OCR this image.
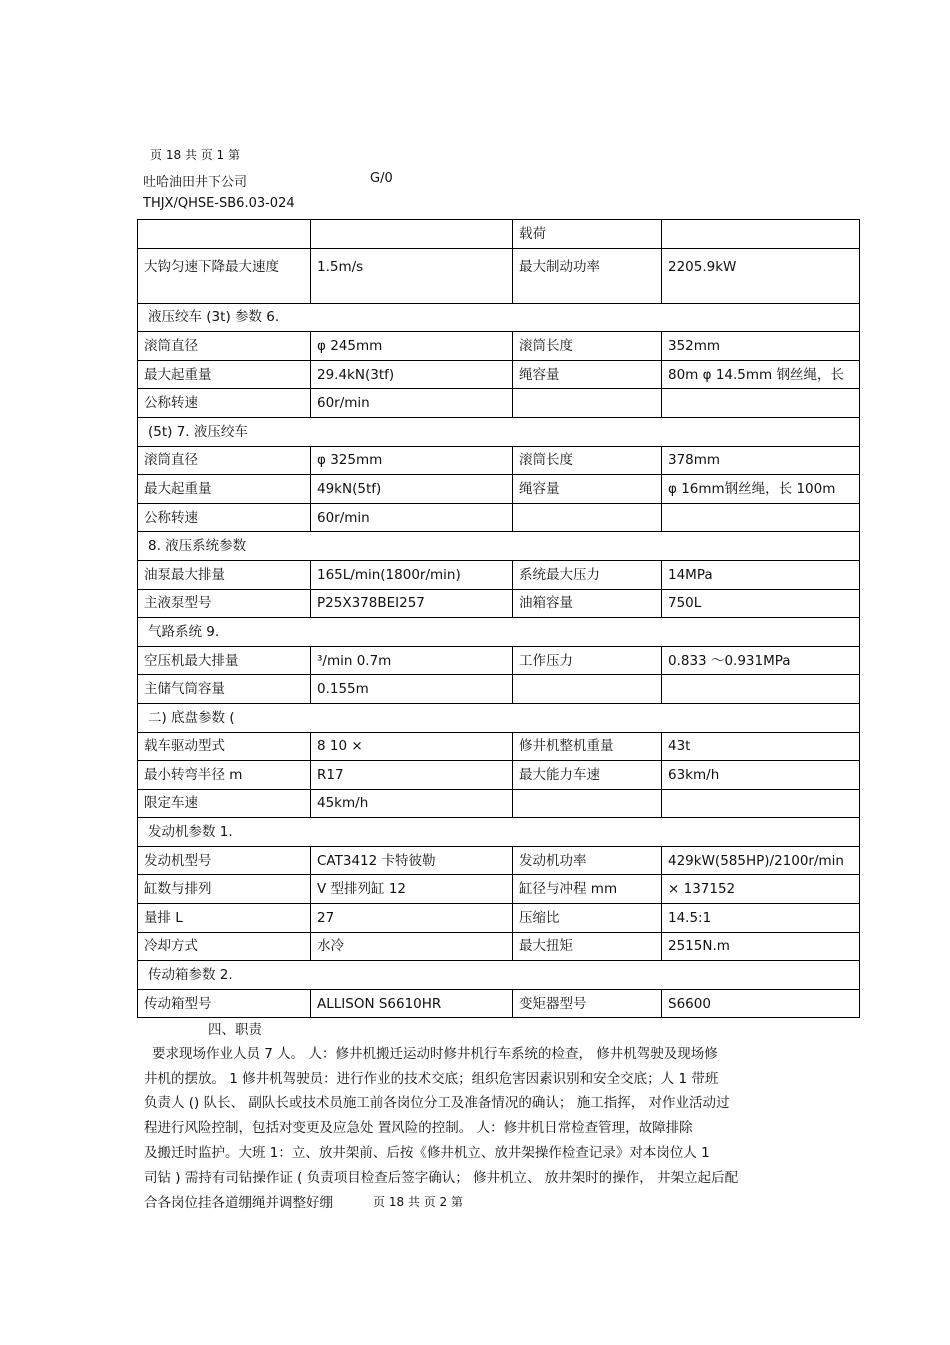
页 18 共 页 1 第
吐哈油田井下公司	G/0
THJX/QHSE-SB6.03-024
		载荷	
大钩匀速下降最大速度	1.5m/s	最大制动功率	2205.9kW
液压绞车 (3t) 参数 6.			
滚筒直径	φ 245mm	滚筒长度	352mm
最大起重量	29.4kN(3tf)	绳容量	80m φ 14.5mm 钢丝绳，长
公称转速	60r/min		
(5t) 7. 液压绞车			
滚筒直径	φ 325mm	滚筒长度	378mm
最大起重量	49kN(5tf)	绳容量	φ 16mm钢丝绳，长 100m
公称转速	60r/min		
8. 液压系统参数			
油泵最大排量	165L/min(1800r/min)	系统最大压力	14MPa
主液泵型号	P25X378BEI257	油箱容量	750L
气路系统 9.			
空压机最大排量	³/min 0.7m	工作压力	0.833 ～0.931MPa
主储气筒容量	0.155m		
二) 底盘参数 (			
载车驱动型式	8 10 ×	修井机整机重量	43t
最小转弯半径 m	R17	最大能力车速	63km/h
限定车速	45km/h		
发动机参数 1.			
发动机型号	CAT3412 卡特彼勒	发动机功率	429kW(585HP)/2100r/min
缸数与排列	V 型排列缸 12	缸径与冲程 mm	× 137152
量排 L	27	压缩比	14.5:1
冷却方式	水冷	最大扭矩	2515N.m
传动箱参数 2.			
传动箱型号	ALLISON S6610HR	变矩器型号	S6600
四、职责
要求现场作业人员 7 人。 人：修井机搬迁运动时修井机行车系统的检查， 修井机驾驶及现场修
井机的摆放。 1 修井机驾驶员：进行作业的技术交底；组织危害因素识别和安全交底；人 1 带班
负责人 () 队长、 副队长或技术员施工前各岗位分工及准备情况的确认； 施工指挥， 对作业活动过
程进行风险控制，包括对变更及应急处 置风险的控制。 人：修井机日常检查管理，故障排除
及搬迁时监护。大班 1：立、放井架前、后按《修井机立、放井架操作检查记录》对本岗位人 1
司钻 ) 需持有司钻操作证 ( 负责项目检查后签字确认； 修井机立、 放井架时的操作， 井架立起后配
合各岗位挂各道绷绳并调整好绷	页 18 共 页 2 第
